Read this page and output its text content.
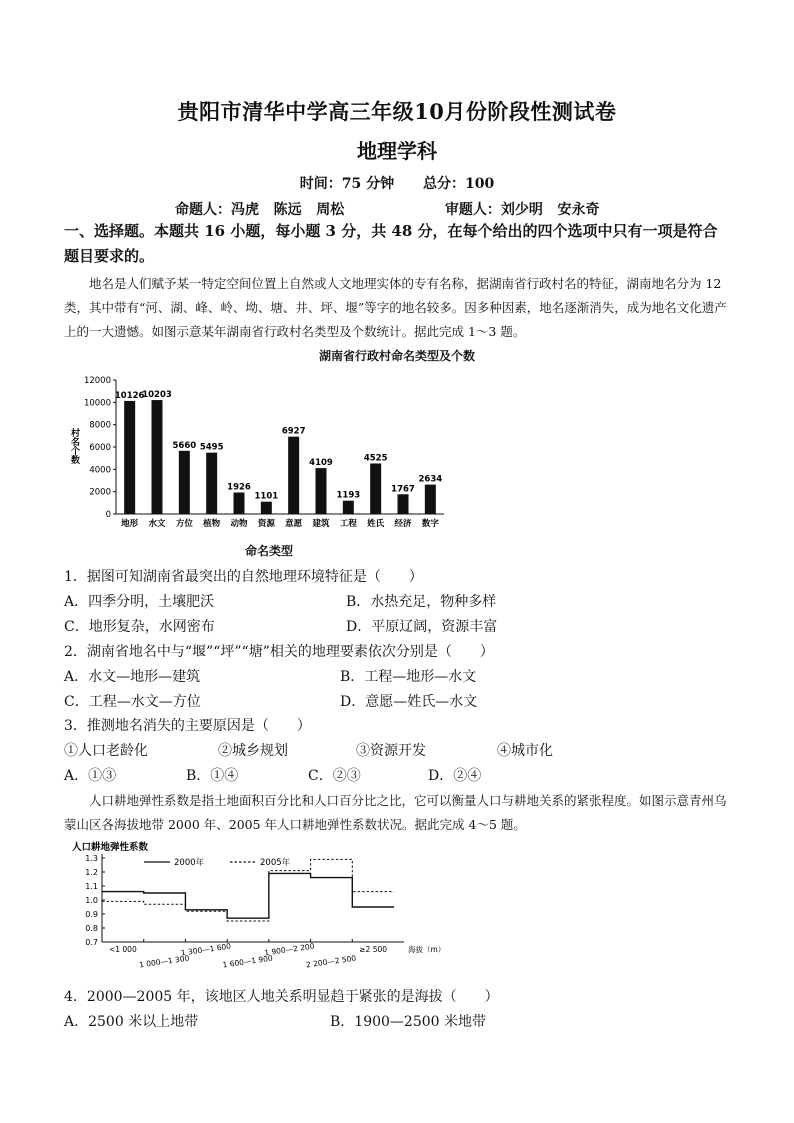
贵阳市清华中学高三年级10月份阶段性测试卷
地理学科
时间：75 分钟 总分：100
命题人：冯虎   陈远   周松	审题人：刘少明   安永奇
一、选择题。本题共 16 小题，每小题 3 分，共 48 分，在每个给出的四个选项中只有一项是符合题目要求的。
地名是人们赋予某一特定空间位置上自然或人文地理实体的专有名称，据湖南省行政村名的特征，湖南地名分为 12 类，其中带有“河、湖、峰、岭、坳、塘、井、坪、堰”等字的地名较多。因多种因素，地名逐渐消失，成为地名文化遗产上的一大遗憾。如图示意某年湖南省行政村名类型及个数统计。据此完成 1～3 题。
湖南省行政村命名类型及个数
0
2000
4000
6000
8000
10000
12000
10126
地形
10203
水文
5660
方位
5495
植物
1926
动物
1101
资源
6927
意愿
4109
建筑
1193
工程
4525
姓氏
1767
经济
2634
数字
村名个数
命名类型
1．据图可知湖南省最突出的自然地理环境特征是（　　）
A．四季分明，土壤肥沃	B．水热充足，物种多样
C．地形复杂，水网密布	D．平原辽阔，资源丰富
2．湖南省地名中与“堰”“坪”“塘”相关的地理要素依次分别是（　　）
A．水文—地形—建筑	B．工程—地形—水文
C．工程—水文—方位	D．意愿—姓氏—水文
3．推测地名消失的主要原因是（　　）
①人口老龄化	②城乡规划	③资源开发	④城市化
A．①③	B．①④	C．②③	D．②④
人口耕地弹性系数是指土地面积百分比和人口百分比之比，它可以衡量人口与耕地关系的紧张程度。如图示意青州乌蒙山区各海拔地带 2000 年、2005 年人口耕地弹性系数状况。据此完成 4～5 题。
人口耕地弹性系数
0.7
0.8
0.9
1.0
1.1
1.2
1.3
<1 000
1 000—1 300
1 300—1 600
1 600—1 900
1 900—2 200
2 200—2 500
≥2 500	海拔（m）
2000年	2005年
4．2000—2005 年，该地区人地关系明显趋于紧张的是海拔（　　）
A．2500 米以上地带	B．1900—2500 米地带
